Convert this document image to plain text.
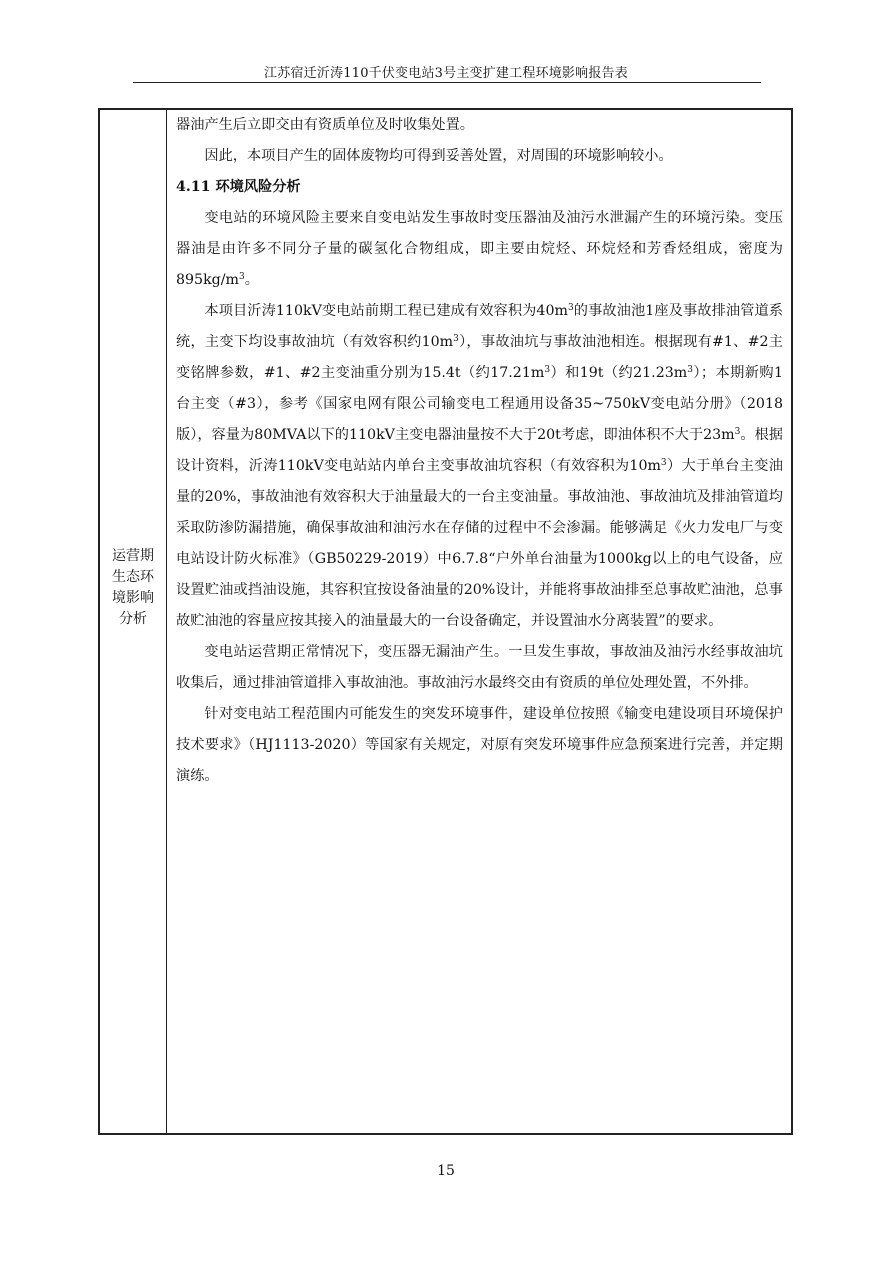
江苏宿迁沂涛110千伏变电站3号主变扩建工程环境影响报告表
运营期
生态环
境影响
分析

器油产生后立即交由有资质单位及时收集处置。

因此，本项目产生的固体废物均可得到妥善处置，对周围的环境影响较小。

4.11 环境风险分析

变电站的环境风险主要来自变电站发生事故时变压器油及油污水泄漏产生的环境污染。变压器油是由许多不同分子量的碳氢化合物组成，即主要由烷烃、环烷烃和芳香烃组成，密度为$895kg/m^3$。

本项目沂涛110kV变电站前期工程已建成有效容积为$40m^3$的事故油池1座及事故排油管道系统，主变下均设事故油坑（有效容积约$10m^3$），事故油坑与事故油池相连。根据现有#1、#2主变铭牌参数，#1、#2主变油重分别为15.4t（约$17.21m^3$）和19t（约$21.23m^3$）；本期新购1台主变（#3），参考《国家电网有限公司输变电工程通用设备35~750kV变电站分册》（2018版），容量为80MVA以下的110kV主变电器油量按不大于20t考虑，即油体积不大于$23m^3$。根据设计资料，沂涛110kV变电站站内单台主变事故油坑容积（有效容积为$10m^3$）大于单台主变油量的20%，事故油池有效容积大于油量最大的一台主变油量。事故油池、事故油坑及排油管道均采取防渗防漏措施，确保事故油和油污水在存储的过程中不会渗漏。能够满足《火力发电厂与变电站设计防火标准》（GB50229-2019）中6.7.8“户外单台油量为1000kg以上的电气设备，应设置贮油或挡油设施，其容积宜按设备油量的20%设计，并能将事故油排至总事故贮油池，总事故贮油池的容量应按其接入的油量最大的一台设备确定，并设置油水分离装置”的要求。

变电站运营期正常情况下，变压器无漏油产生。一旦发生事故，事故油及油污水经事故油坑收集后，通过排油管道排入事故油池。事故油污水最终交由有资质的单位处理处置，不外排。

针对变电站工程范围内可能发生的突发环境事件，建设单位按照《输变电建设项目环境保护技术要求》（HJ1113-2020）等国家有关规定，对原有突发环境事件应急预案进行完善，并定期演练。

15
